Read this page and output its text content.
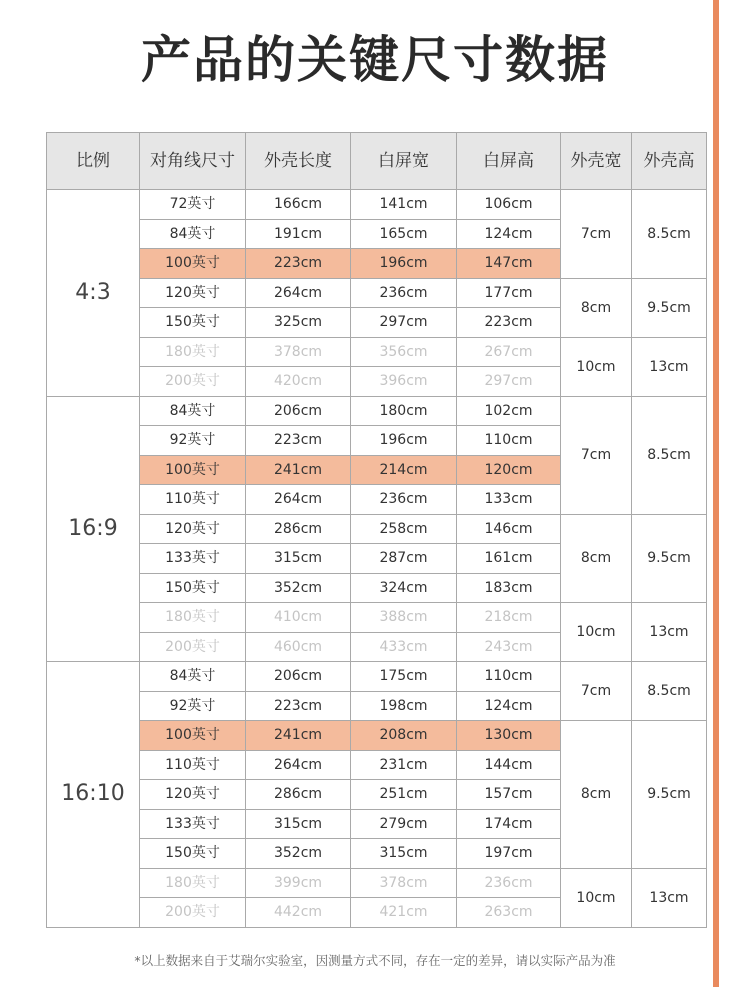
产品的关键尺寸数据
比例	对角线尺寸	外壳长度	白屏宽	白屏高	外壳宽	外壳高
4:3	72英寸	166cm	141cm	106cm	7cm	8.5cm
	84英寸	191cm	165cm	124cm		
	100英寸	223cm	196cm	147cm		
	120英寸	264cm	236cm	177cm	8cm	9.5cm
	150英寸	325cm	297cm	223cm		
	180英寸	378cm	356cm	267cm	10cm	13cm
	200英寸	420cm	396cm	297cm		
16:9	84英寸	206cm	180cm	102cm	7cm	8.5cm
	92英寸	223cm	196cm	110cm		
	100英寸	241cm	214cm	120cm		
	110英寸	264cm	236cm	133cm		
	120英寸	286cm	258cm	146cm	8cm	9.5cm
	133英寸	315cm	287cm	161cm		
	150英寸	352cm	324cm	183cm		
	180英寸	410cm	388cm	218cm	10cm	13cm
	200英寸	460cm	433cm	243cm		
16:10	84英寸	206cm	175cm	110cm	7cm	8.5cm
	92英寸	223cm	198cm	124cm		
	100英寸	241cm	208cm	130cm	8cm	9.5cm
	110英寸	264cm	231cm	144cm		
	120英寸	286cm	251cm	157cm		
	133英寸	315cm	279cm	174cm		
	150英寸	352cm	315cm	197cm		
	180英寸	399cm	378cm	236cm	10cm	13cm
	200英寸	442cm	421cm	263cm		
*以上数据来自于艾瑞尔实验室，因测量方式不同，存在一定的差异，请以实际产品为准
